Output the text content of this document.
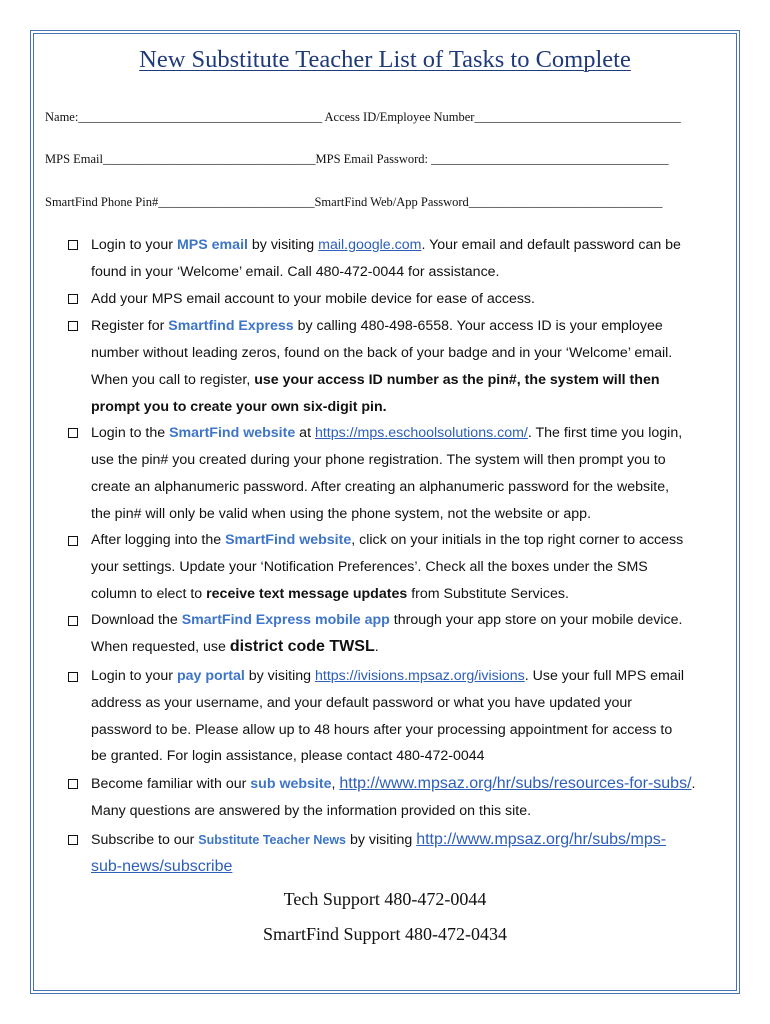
New Substitute Teacher List of Tasks to Complete
Name:_______________________________________ Access ID/Employee Number_________________________________
MPS Email__________________________________MPS Email Password: ______________________________________
SmartFind Phone Pin#_________________________SmartFind Web/App Password_______________________________
Login to your MPS email by visiting mail.google.com. Your email and default password can be
found in your ‘Welcome’ email. Call 480-472-0044 for assistance.
Add your MPS email account to your mobile device for ease of access.
Register for Smartfind Express by calling 480-498-6558. Your access ID is your employee
number without leading zeros, found on the back of your badge and in your ‘Welcome’ email.
When you call to register, use your access ID number as the pin#, the system will then
prompt you to create your own six-digit pin.
Login to the SmartFind website at https://mps.eschoolsolutions.com/. The first time you login,
use the pin# you created during your phone registration. The system will then prompt you to
create an alphanumeric password. After creating an alphanumeric password for the website,
the pin# will only be valid when using the phone system, not the website or app.
After logging into the SmartFind website, click on your initials in the top right corner to access
your settings. Update your ‘Notification Preferences’. Check all the boxes under the SMS
column to elect to receive text message updates from Substitute Services.
Download the SmartFind Express mobile app through your app store on your mobile device.
When requested, use district code TWSL.
Login to your pay portal by visiting https://ivisions.mpsaz.org/ivisions. Use your full MPS email
address as your username, and your default password or what you have updated your
password to be. Please allow up to 48 hours after your processing appointment for access to
be granted. For login assistance, please contact 480-472-0044
Become familiar with our sub website, http://www.mpsaz.org/hr/subs/resources-for-subs/.
Many questions are answered by the information provided on this site.
Subscribe to our Substitute Teacher News by visiting http://www.mpsaz.org/hr/subs/mps-
sub-news/subscribe
Tech Support 480-472-0044
SmartFind Support 480-472-0434
